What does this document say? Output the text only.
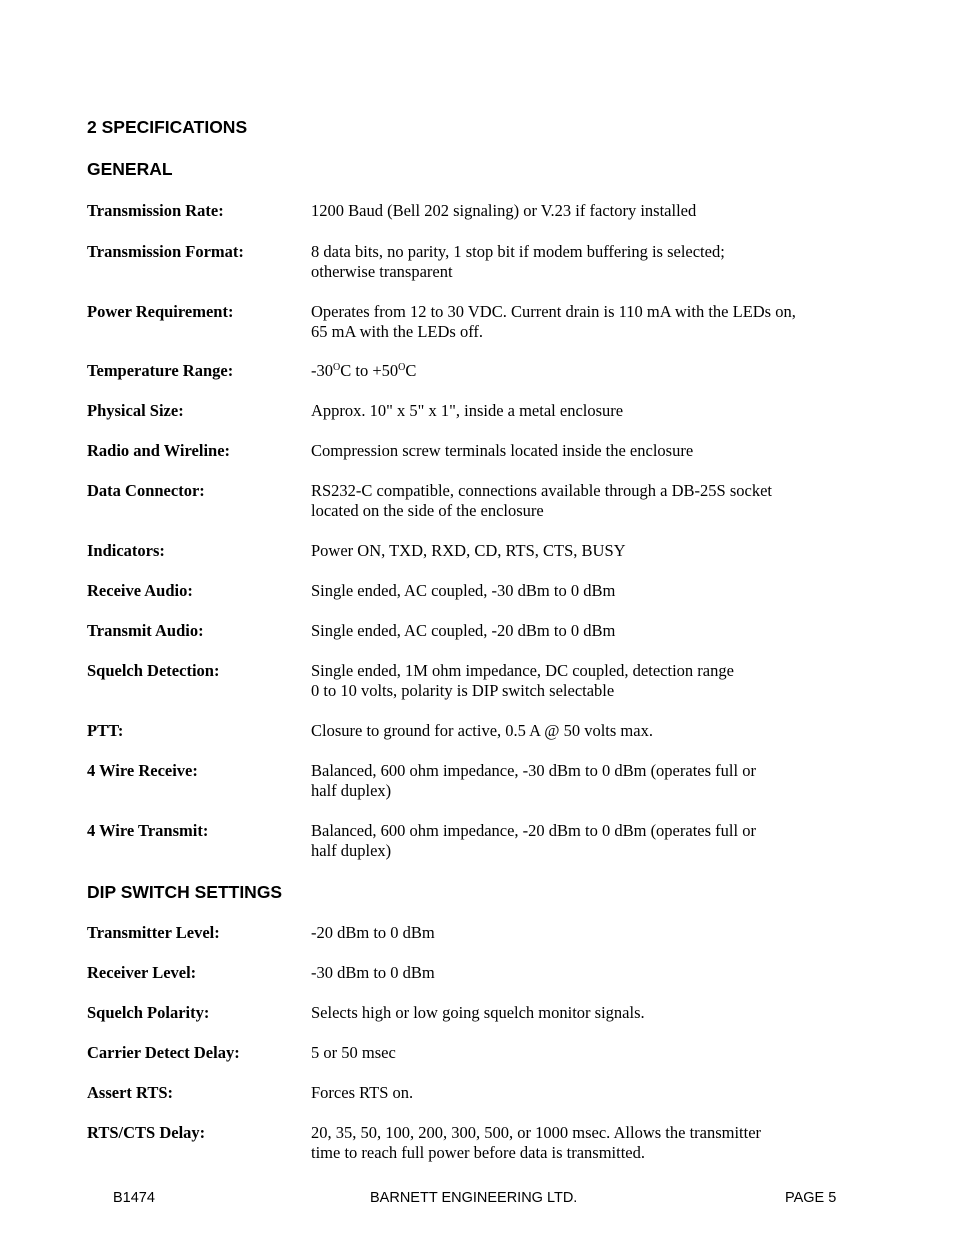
2 SPECIFICATIONS
GENERAL
Transmission Rate:	1200 Baud (Bell 202 signaling) or V.23 if factory installed
Transmission Format:	8 data bits, no parity, 1 stop bit if modem buffering is selected;
otherwise transparent
Power Requirement:	Operates from 12 to 30 VDC. Current drain is 110 mA with the LEDs on,
65 mA with the LEDs off.
Temperature Range:	$-30^OC$ to $+50^OC$
Physical Size:	Approx. 10" x 5" x 1", inside a metal enclosure
Radio and Wireline:	Compression screw terminals located inside the enclosure
Data Connector:	RS232-C compatible, connections available through a DB-25S socket
located on the side of the enclosure
Indicators:	Power ON, TXD, RXD, CD, RTS, CTS, BUSY
Receive Audio:	Single ended, AC coupled, -30 dBm to 0 dBm
Transmit Audio:	Single ended, AC coupled, -20 dBm to 0 dBm
Squelch Detection:	Single ended, 1M ohm impedance, DC coupled, detection range
0 to 10 volts, polarity is DIP switch selectable
PTT:	Closure to ground for active, 0.5 A @ 50 volts max.
4 Wire Receive:	Balanced, 600 ohm impedance, -30 dBm to 0 dBm (operates full or
half duplex)
4 Wire Transmit:	Balanced, 600 ohm impedance, -20 dBm to 0 dBm (operates full or
half duplex)
DIP SWITCH SETTINGS
Transmitter Level:	-20 dBm to 0 dBm
Receiver Level:	-30 dBm to 0 dBm
Squelch Polarity:	Selects high or low going squelch monitor signals.
Carrier Detect Delay:	5 or 50 msec
Assert RTS:	Forces RTS on.
RTS/CTS Delay:	20, 35, 50, 100, 200, 300, 500, or 1000 msec. Allows the transmitter
time to reach full power before data is transmitted.
B1474	BARNETT ENGINEERING LTD.	PAGE 5
